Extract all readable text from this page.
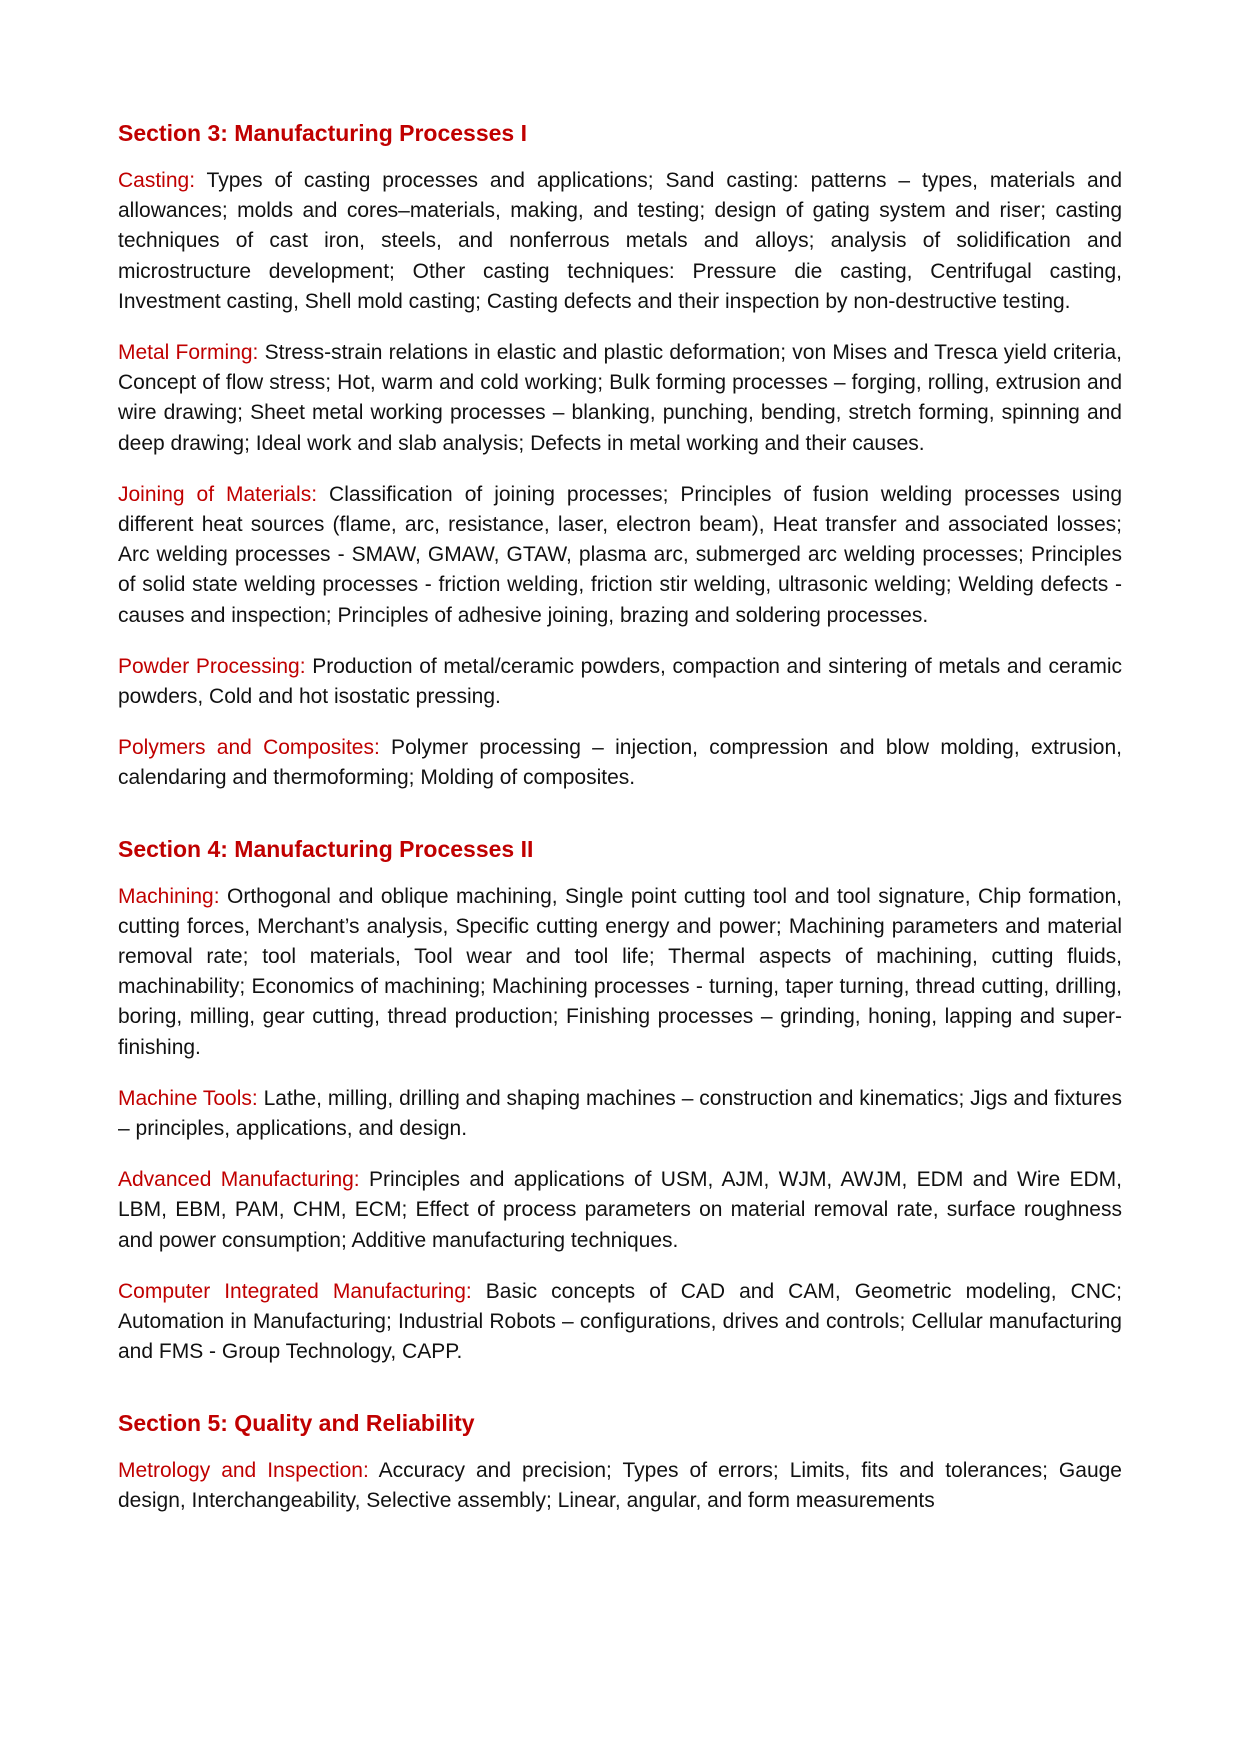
Section 3: Manufacturing Processes I

Casting: Types of casting processes and applications; Sand casting: patterns – types, materials and allowances; molds and cores–materials, making, and testing; design of gating system and riser; casting techniques of cast iron, steels, and nonferrous metals and alloys; analysis of solidification and microstructure development; Other casting techniques: Pressure die casting, Centrifugal casting, Investment casting, Shell mold casting; Casting defects and their inspection by non-destructive testing.

Metal Forming: Stress-strain relations in elastic and plastic deformation; von Mises and Tresca yield criteria, Concept of flow stress; Hot, warm and cold working; Bulk forming processes – forging, rolling, extrusion and wire drawing; Sheet metal working processes – blanking, punching, bending, stretch forming, spinning and deep drawing; Ideal work and slab analysis; Defects in metal working and their causes.

Joining of Materials: Classification of joining processes; Principles of fusion welding processes using different heat sources (flame, arc, resistance, laser, electron beam), Heat transfer and associated losses; Arc welding processes - SMAW, GMAW, GTAW, plasma arc, submerged arc welding processes; Principles of solid state welding processes - friction welding, friction stir welding, ultrasonic welding; Welding defects - causes and inspection; Principles of adhesive joining, brazing and soldering processes.

Powder Processing: Production of metal/ceramic powders, compaction and sintering of metals and ceramic powders, Cold and hot isostatic pressing.

Polymers and Composites: Polymer processing – injection, compression and blow molding, extrusion, calendaring and thermoforming; Molding of composites.

Section 4: Manufacturing Processes II

Machining: Orthogonal and oblique machining, Single point cutting tool and tool signature, Chip formation, cutting forces, Merchant’s analysis, Specific cutting energy and power; Machining parameters and material removal rate; tool materials, Tool wear and tool life; Thermal aspects of machining, cutting fluids, machinability; Economics of machining; Machining processes - turning, taper turning, thread cutting, drilling, boring, milling, gear cutting, thread production; Finishing processes – grinding, honing, lapping and super-finishing.

Machine Tools: Lathe, milling, drilling and shaping machines – construction and kinematics; Jigs and fixtures – principles, applications, and design.

Advanced Manufacturing: Principles and applications of USM, AJM, WJM, AWJM, EDM and Wire EDM, LBM, EBM, PAM, CHM, ECM; Effect of process parameters on material removal rate, surface roughness and power consumption; Additive manufacturing techniques.

Computer Integrated Manufacturing: Basic concepts of CAD and CAM, Geometric modeling, CNC; Automation in Manufacturing; Industrial Robots – configurations, drives and controls; Cellular manufacturing and FMS - Group Technology, CAPP.

Section 5: Quality and Reliability

Metrology and Inspection: Accuracy and precision; Types of errors; Limits, fits and tolerances; Gauge design, Interchangeability, Selective assembly; Linear, angular, and form measurements
